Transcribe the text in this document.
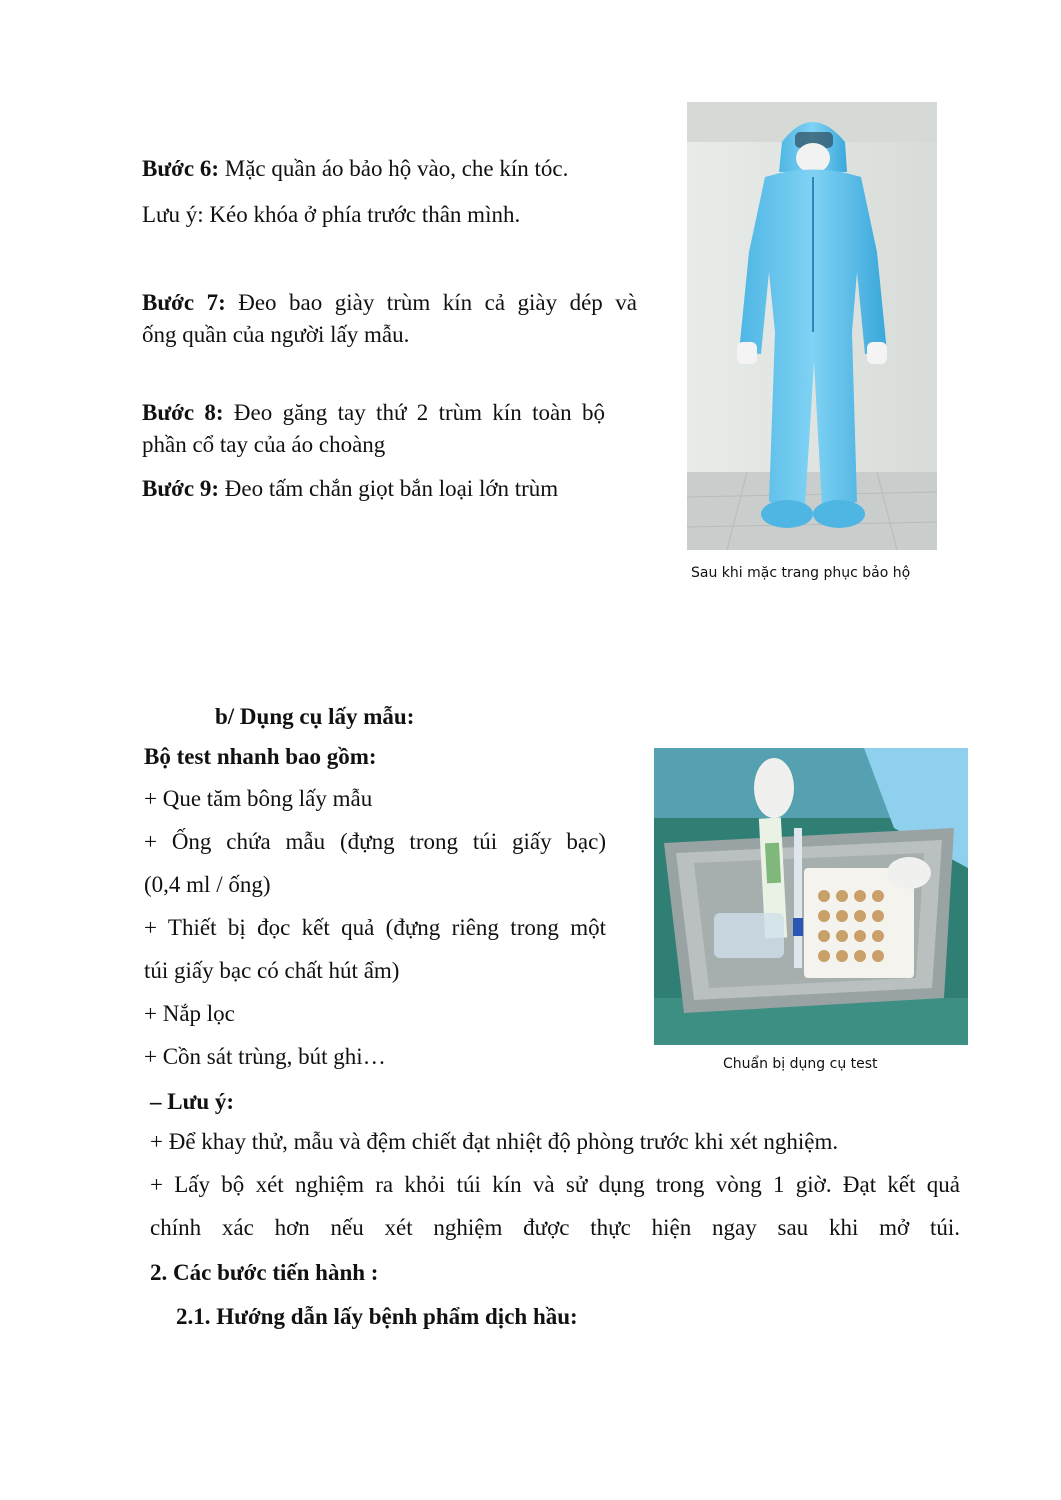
Bước 6: Mặc quần áo bảo hộ vào, che kín tóc.
Lưu ý: Kéo khóa ở phía trước thân mình.
Bước 7: Đeo bao giày trùm kín cả giày dép và
ống quần của người lấy mẫu.
Bước 8: Đeo găng tay thứ 2 trùm kín toàn bộ
phần cổ tay của áo choàng
Bước 9: Đeo tấm chắn giọt bắn loại lớn trùm
Sau khi mặc trang phục bảo hộ
b/ Dụng cụ lấy mẫu:
Bộ test nhanh bao gồm:
+ Que tăm bông lấy mẫu
+ Ống chứa mẫu (đựng trong túi giấy bạc)
(0,4 ml / ống)
+ Thiết bị đọc kết quả (đựng riêng trong một
túi giấy bạc có chất hút ẩm)
+ Nắp lọc
+ Cồn sát trùng, bút ghi…	Chuẩn bị dụng cụ test
– Lưu ý:
+ Để khay thử, mẫu và đệm chiết đạt nhiệt độ phòng trước khi xét nghiệm.
+ Lấy bộ xét nghiệm ra khỏi túi kín và sử dụng trong vòng 1 giờ. Đạt kết quả
chính xác hơn nếu xét nghiệm được thực hiện ngay sau khi mở túi.
2. Các bước tiến hành :
2.1. Hướng dẫn lấy bệnh phẩm dịch hầu:
